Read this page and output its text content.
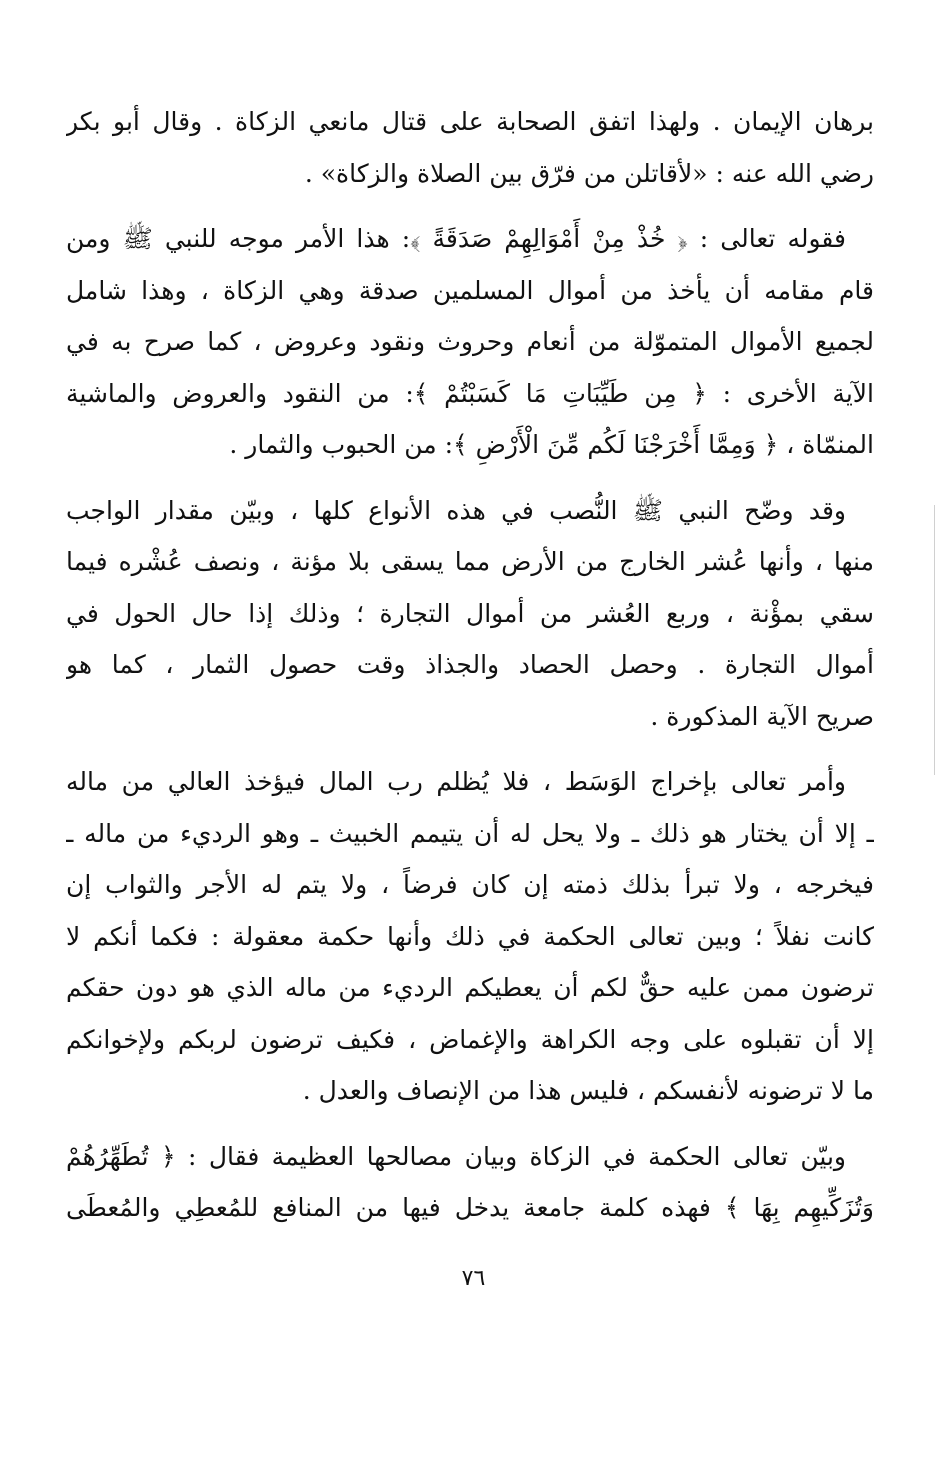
برهان الإيمان . ولهذا اتفق الصحابة على قتال مانعي الزكاة . وقال أبو بكر
رضي الله عنه : «لأقاتلن من فرّق بين الصلاة والزكاة» .
فقوله تعالى : ﴿ خُذْ مِنْ أَمْوَالِهِمْ صَدَقَةً ﴾: هذا الأمر موجه للنبي ﷺ ومن
قام مقامه أن يأخذ من أموال المسلمين صدقة وهي الزكاة ، وهذا شامل
لجميع الأموال المتموّلة من أنعام وحروث ونقود وعروض ، كما صرح به في
الآية الأخرى : ﴿ مِن طَيِّبَاتِ مَا كَسَبْتُمْ ﴾: من النقود والعروض والماشية
المنمّاة ، ﴿ وَمِمَّا أَخْرَجْنَا لَكُم مِّنَ الْأَرْضِ ﴾: من الحبوب والثمار .
وقد وضّح النبي ﷺ النُّصب في هذه الأنواع كلها ، وبيّن مقدار الواجب
منها ، وأنها عُشر الخارج من الأرض مما يسقى بلا مؤنة ، ونصف عُشْره فيما
سقي بمؤْنة ، وربع العُشر من أموال التجارة ؛ وذلك إذا حال الحول في
أموال التجارة . وحصل الحصاد والجذاذ وقت حصول الثمار ، كما هو
صريح الآية المذكورة .
وأمر تعالى بإخراج الوَسَط ، فلا يُظلم رب المال فيؤخذ العالي من ماله
ـ إلا أن يختار هو ذلك ـ ولا يحل له أن يتيمم الخبيث ـ وهو الرديء من ماله ـ
فيخرجه ، ولا تبرأ بذلك ذمته إن كان فرضاً ، ولا يتم له الأجر والثواب إن
كانت نفلاً ؛ وبين تعالى الحكمة في ذلك وأنها حكمة معقولة : فكما أنكم لا
ترضون ممن عليه حقٌّ لكم أن يعطيكم الرديء من ماله الذي هو دون حقكم
إلا أن تقبلوه على وجه الكراهة والإغماض ، فكيف ترضون لربكم ولإخوانكم
ما لا ترضونه لأنفسكم ، فليس هذا من الإنصاف والعدل .
وبيّن تعالى الحكمة في الزكاة وبيان مصالحها العظيمة فقال : ﴿ تُطَهِّرُهُمْ
وَتُزَكِّيهِم بِهَا ﴾ فهذه كلمة جامعة يدخل فيها من المنافع للمُعطِي والمُعطَى
٧٦
